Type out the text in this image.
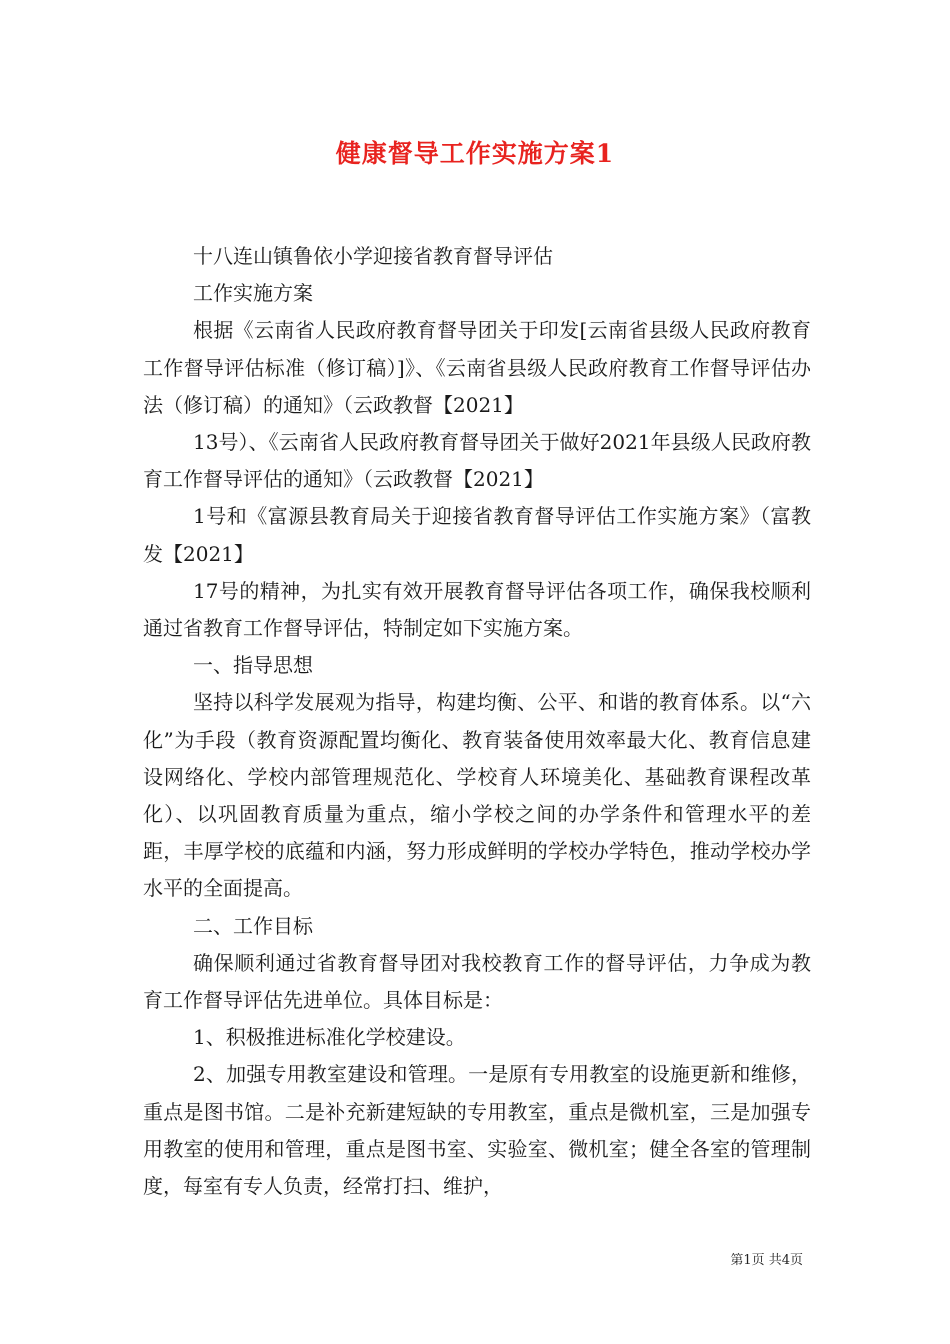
健康督导工作实施方案1

十八连山镇鲁依小学迎接省教育督导评估

工作实施方案

根据《云南省人民政府教育督导团关于印发[云南省县级人民政府教育工作督导评估标准（修订稿）]》、《云南省县级人民政府教育工作督导评估办法（修订稿）的通知》（云政教督【2021】

13号）、《云南省人民政府教育督导团关于做好2021年县级人民政府教育工作督导评估的通知》（云政教督【2021】

1号和《富源县教育局关于迎接省教育督导评估工作实施方案》（富教发【2021】

17号的精神，为扎实有效开展教育督导评估各项工作，确保我校顺利通过省教育工作督导评估，特制定如下实施方案。

一、指导思想

坚持以科学发展观为指导，构建均衡、公平、和谐的教育体系。以“六化”为手段（教育资源配置均衡化、教育装备使用效率最大化、教育信息建设网络化、学校内部管理规范化、学校育人环境美化、基础教育课程改革化）、以巩固教育质量为重点，缩小学校之间的办学条件和管理水平的差距，丰厚学校的底蕴和内涵，努力形成鲜明的学校办学特色，推动学校办学水平的全面提高。

二、工作目标

确保顺利通过省教育督导团对我校教育工作的督导评估，力争成为教育工作督导评估先进单位。具体目标是：

1、积极推进标准化学校建设。

2、加强专用教室建设和管理。一是原有专用教室的设施更新和维修，重点是图书馆。二是补充新建短缺的专用教室，重点是微机室，三是加强专用教室的使用和管理，重点是图书室、实验室、微机室；健全各室的管理制度，每室有专人负责，经常打扫、维护，

第1页 共4页
